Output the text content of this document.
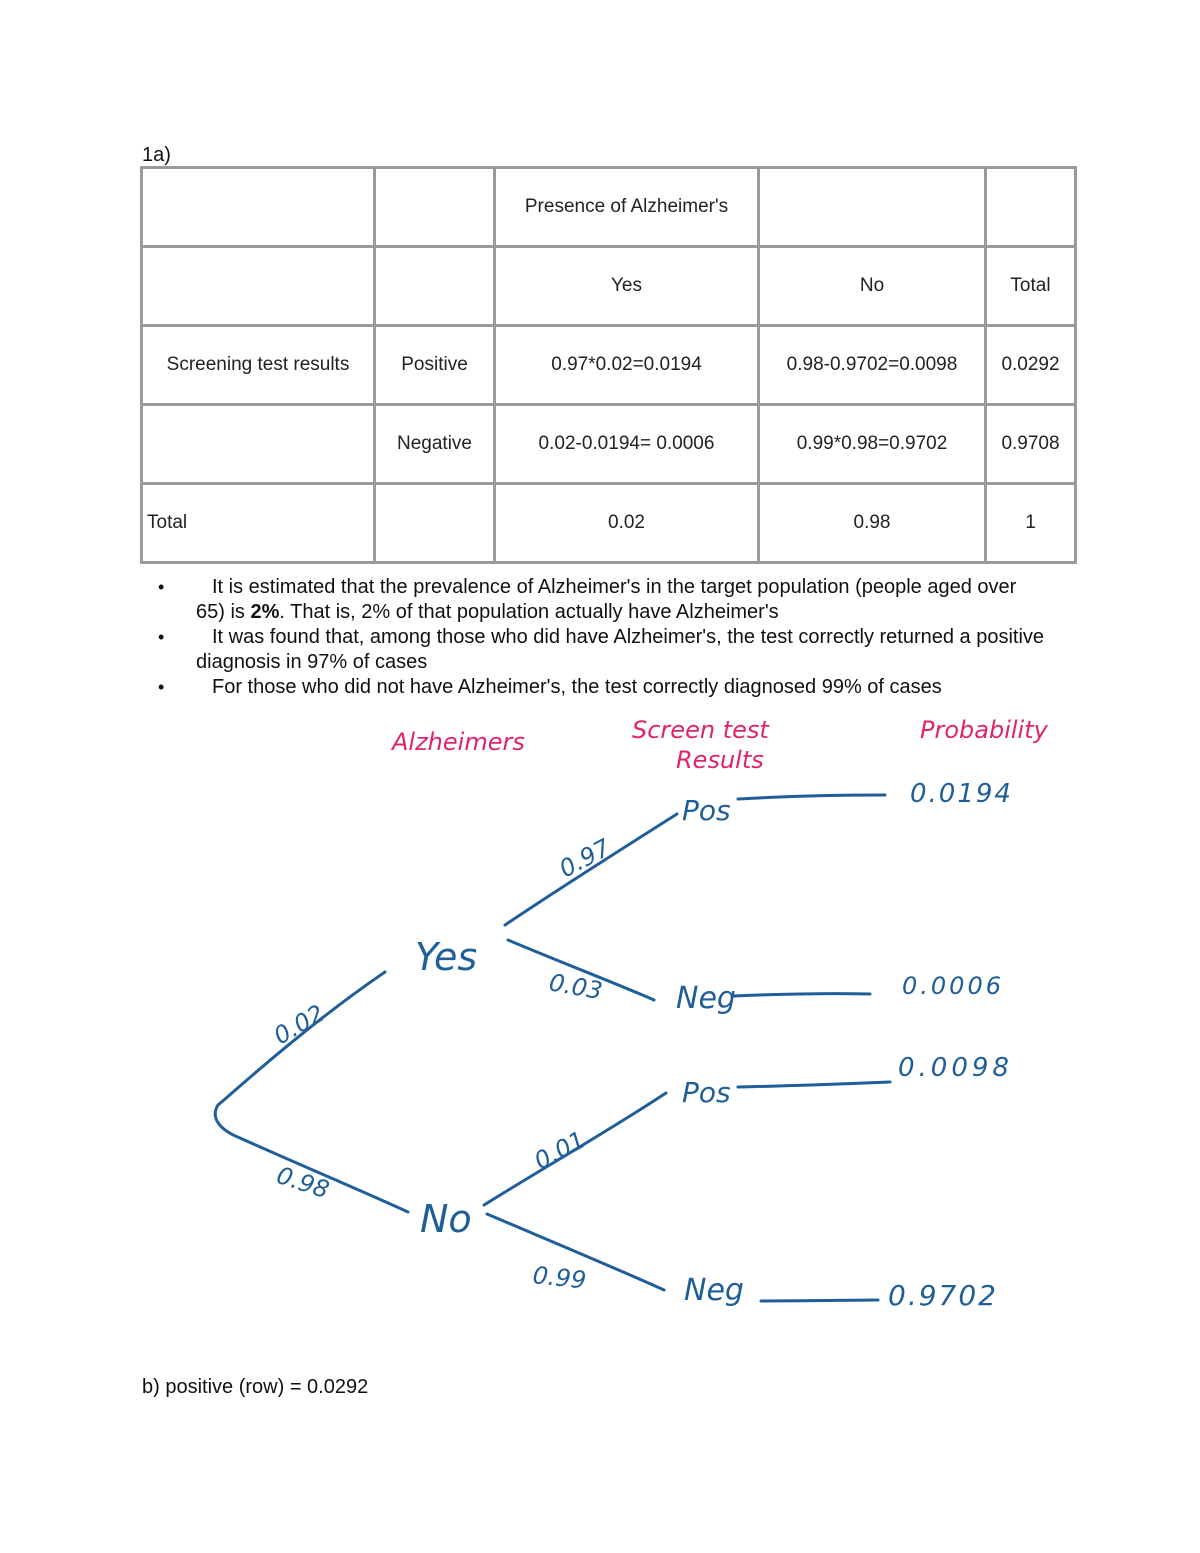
1a)
		Presence of Alzheimer's		
		Yes	No	Total
Screening test results	Positive	0.97*0.02=0.0194	0.98-0.9702=0.0098	0.0292
	Negative	0.02-0.0194= 0.0006	0.99*0.98=0.9702	0.9708
Total		0.02	0.98	1
•	It is estimated that the prevalence of Alzheimer's in the target population (people aged over 65) is 2%. That is, 2% of that population actually have Alzheimer's
•	It was found that, among those who did have Alzheimer's, the test correctly returned a positive diagnosis in 97% of cases
•	For those who did not have Alzheimer's, the test correctly diagnosed 99% of cases
Alzheimers	Screen test
Results
Probability
Yes
No
Pos
Neg
Pos
Neg
0.02
0.98
0.97
0.03
0.01
0.99
0.0194
0.0006
0.0098
0.9702
b) positive (row) = 0.0292
